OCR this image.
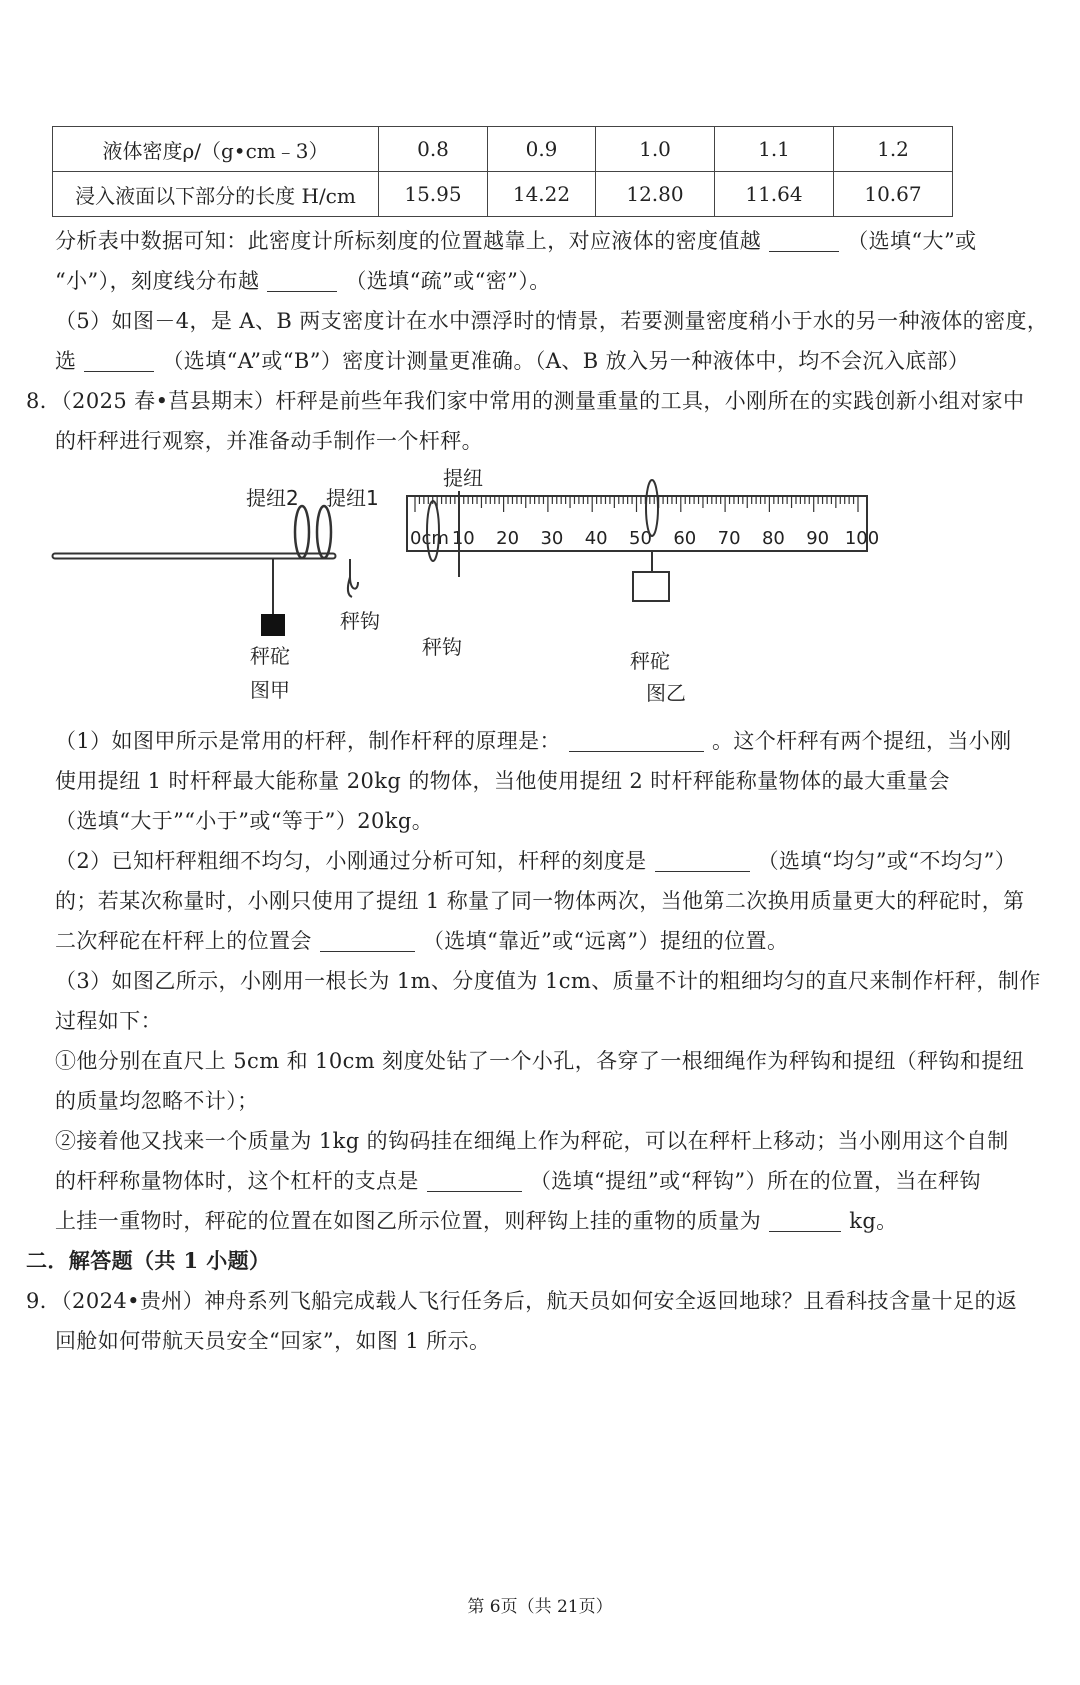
液体密度ρ/（g•cm﹣3）	0.8	0.9	1.0	1.1	1.2
浸入液面以下部分的长度 H/cm	15.95	14.22	12.80	11.64	10.67
分析表中数据可知：此密度计所标刻度的位置越靠上，对应液体的密度值越	（选填“大”或
“小”），刻度线分布越	（选填“疏”或“密”）。
（5）如图－4，是 A、B 两支密度计在水中漂浮时的情景，若要测量密度稍小于水的另一种液体的密度，
选	（选填“A”或“B”）密度计测量更准确。（A、B 放入另一种液体中，均不会沉入底部）
8．（2025 春•莒县期末）杆秤是前些年我们家中常用的测量重量的工具，小刚所在的实践创新小组对家中
的杆秤进行观察，并准备动手制作一个杆秤。
提纽2 提纽1
秤砣
图甲
秤钩
0cm 10 20 30 40 50 60 70 80 90 100
提纽
秤钩
秤砣
图乙
（1）如图甲所示是常用的杆秤，制作杆秤的原理是：	。这个杆秤有两个提纽，当小刚
使用提纽 1 时杆秤最大能称量 20kg 的物体，当他使用提纽 2 时杆秤能称量物体的最大重量会
（选填“大于”“小于”或“等于”）20kg。
（2）已知杆秤粗细不均匀，小刚通过分析可知，杆秤的刻度是	（选填“均匀”或“不均匀”）
的；若某次称量时，小刚只使用了提纽 1 称量了同一物体两次，当他第二次换用质量更大的秤砣时，第
二次秤砣在杆秤上的位置会	（选填“靠近”或“远离”）提纽的位置。
（3）如图乙所示，小刚用一根长为 1m、分度值为 1cm、质量不计的粗细均匀的直尺来制作杆秤，制作
过程如下：
①他分别在直尺上 5cm 和 10cm 刻度处钻了一个小孔，各穿了一根细绳作为秤钩和提纽（秤钩和提纽
的质量均忽略不计）；
②接着他又找来一个质量为 1kg 的钩码挂在细绳上作为秤砣，可以在秤杆上移动；当小刚用这个自制
的杆秤称量物体时，这个杠杆的支点是	（选填“提纽”或“秤钩”）所在的位置，当在秤钩
上挂一重物时，秤砣的位置在如图乙所示位置，则秤钩上挂的重物的质量为	kg。
二．解答题（共 1 小题）
9．（2024•贵州）神舟系列飞船完成载人飞行任务后，航天员如何安全返回地球？且看科技含量十足的返
回舱如何带航天员安全“回家”，如图 1 所示。
第 6页（共 21页）
